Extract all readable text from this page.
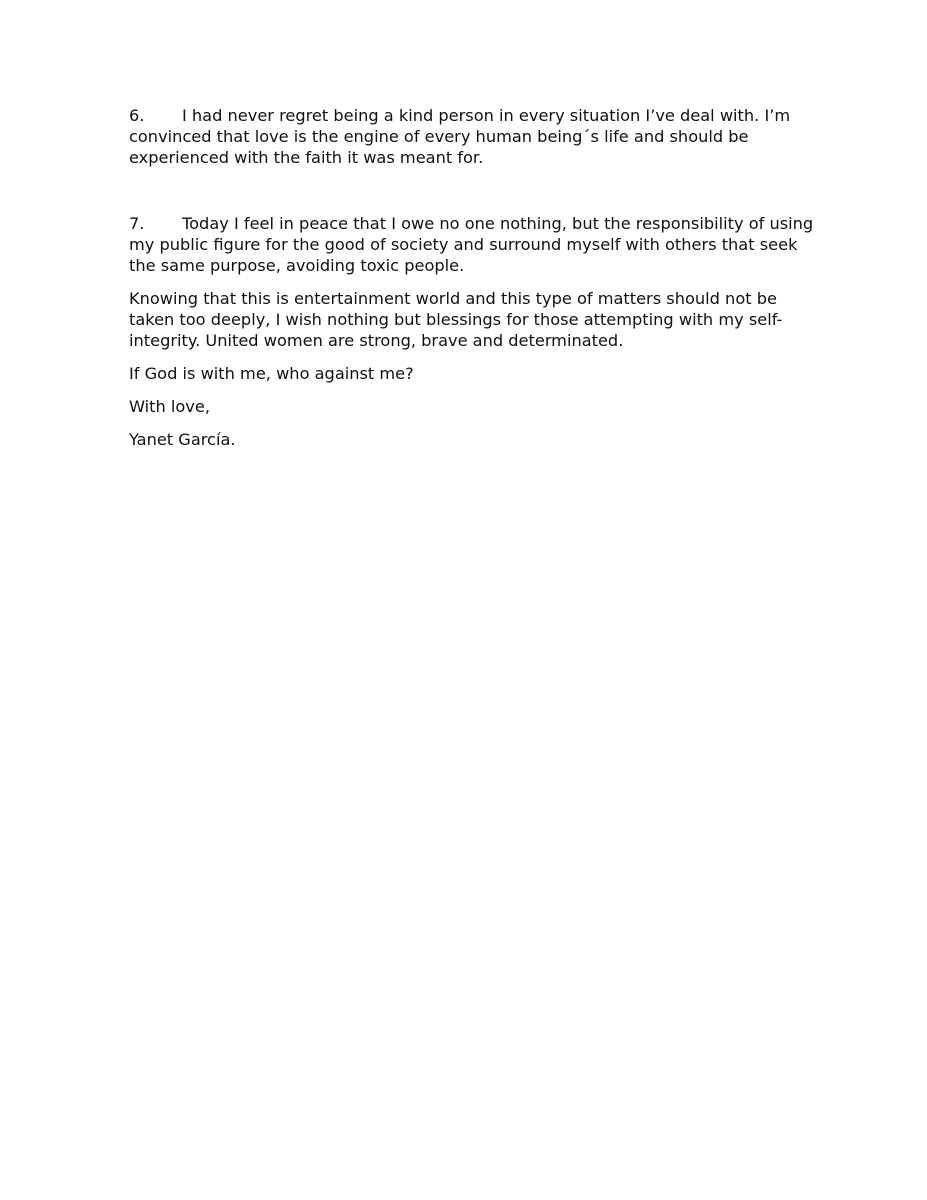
6. I had never regret being a kind person in every situation I’ve deal with. I’m convinced that love is the engine of every human being´s life and should be experienced with the faith it was meant for.

7. Today I feel in peace that I owe no one nothing, but the responsibility of using my public figure for the good of society and surround myself with others that seek the same purpose, avoiding toxic people.

Knowing that this is entertainment world and this type of matters should not be taken too deeply, I wish nothing but blessings for those attempting with my self-integrity. United women are strong, brave and determinated.

If God is with me, who against me?

With love,

Yanet García.
